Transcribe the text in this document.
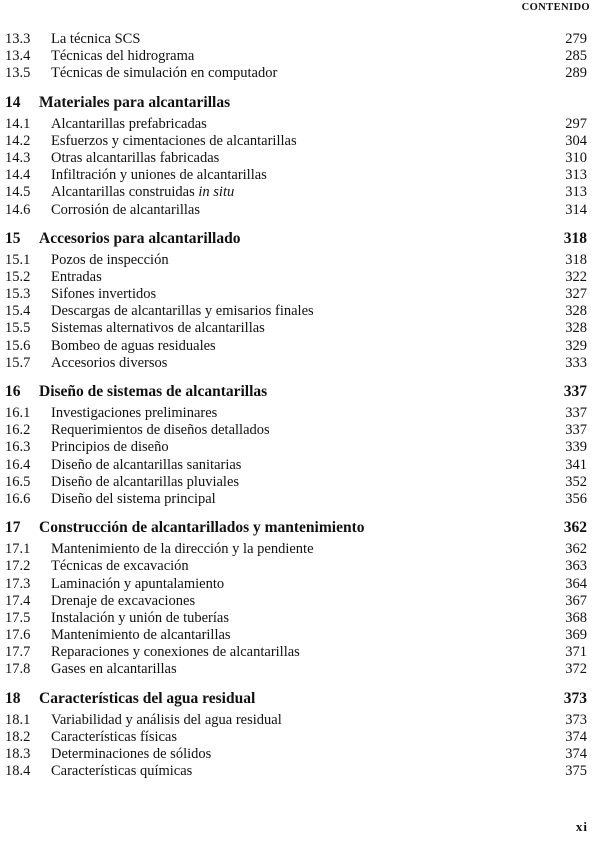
CONTENIDO
13.3 La técnica SCS	279
13.4 Técnicas del hidrograma	285
13.5 Técnicas de simulación en computador	289
14 Materiales para alcantarillas
14.1 Alcantarillas prefabricadas	297
14.2 Esfuerzos y cimentaciones de alcantarillas	304
14.3 Otras alcantarillas fabricadas	310
14.4 Infiltración y uniones de alcantarillas	313
14.5 Alcantarillas construidas in situ	313
14.6 Corrosión de alcantarillas	314
15 Accesorios para alcantarillado	318
15.1 Pozos de inspección	318
15.2 Entradas	322
15.3 Sifones invertidos	327
15.4 Descargas de alcantarillas y emisarios finales	328
15.5 Sistemas alternativos de alcantarillas	328
15.6 Bombeo de aguas residuales	329
15.7 Accesorios diversos	333
16 Diseño de sistemas de alcantarillas	337
16.1 Investigaciones preliminares	337
16.2 Requerimientos de diseños detallados	337
16.3 Principios de diseño	339
16.4 Diseño de alcantarillas sanitarias	341
16.5 Diseño de alcantarillas pluviales	352
16.6 Diseño del sistema principal	356
17 Construcción de alcantarillados y mantenimiento	362
17.1 Mantenimiento de la dirección y la pendiente	362
17.2 Técnicas de excavación	363
17.3 Laminación y apuntalamiento	364
17.4 Drenaje de excavaciones	367
17.5 Instalación y unión de tuberías	368
17.6 Mantenimiento de alcantarillas	369
17.7 Reparaciones y conexiones de alcantarillas	371
17.8 Gases en alcantarillas	372
18 Características del agua residual	373
18.1 Variabilidad y análisis del agua residual	373
18.2 Características físicas	374
18.3 Determinaciones de sólidos	374
18.4 Características químicas	375
xi
